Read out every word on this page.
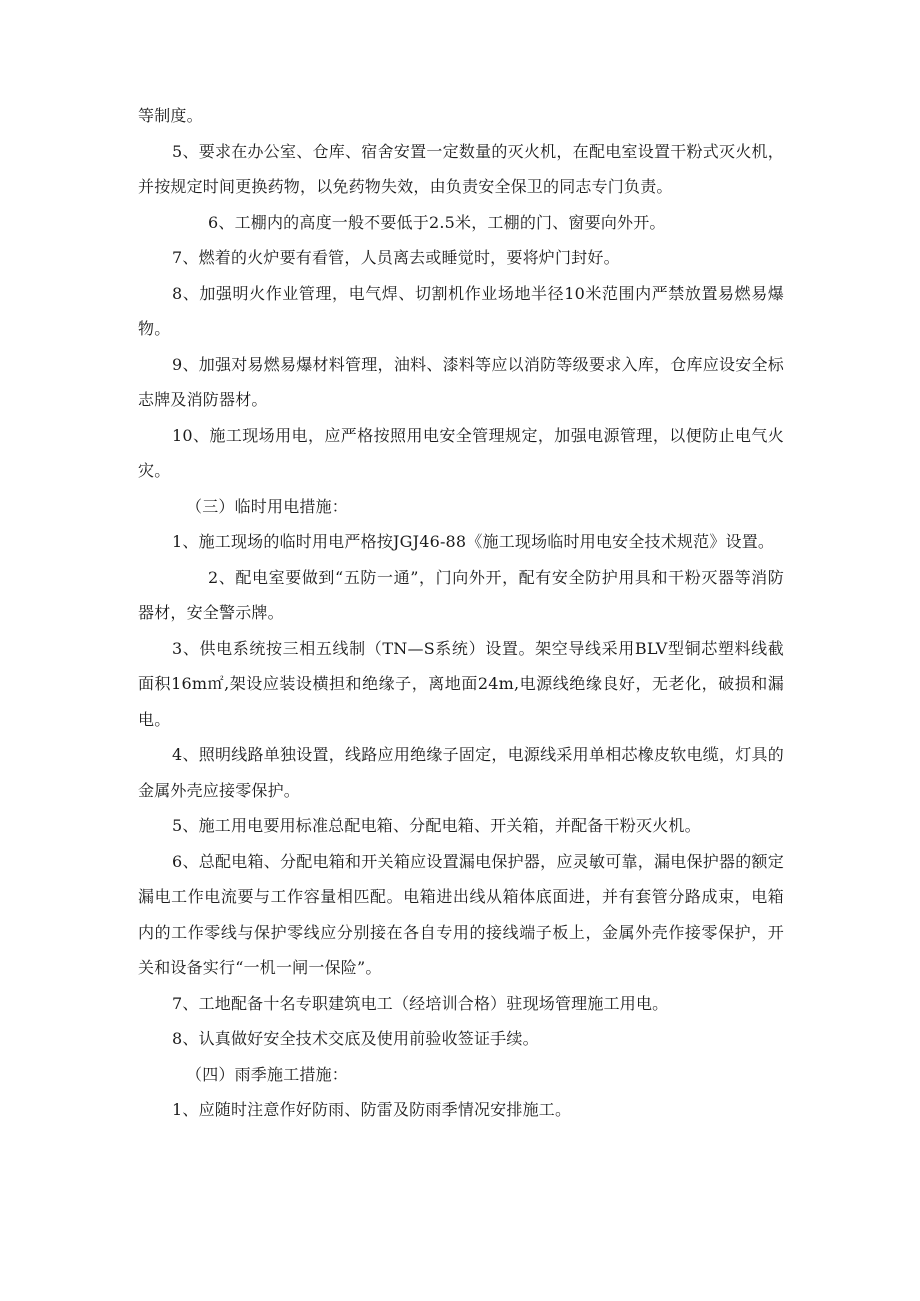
等制度。

5、要求在办公室、仓库、宿舍安置一定数量的灭火机，在配电室设置干粉式灭火机，并按规定时间更换药物，以免药物失效，由负责安全保卫的同志专门负责。

6、工棚内的高度一般不要低于2.5米，工棚的门、窗要向外开。

7、燃着的火炉要有看管，人员离去或睡觉时，要将炉门封好。

8、加强明火作业管理，电气焊、切割机作业场地半径10米范围内严禁放置易燃易爆物。

9、加强对易燃易爆材料管理，油料、漆料等应以消防等级要求入库，仓库应设安全标志牌及消防器材。

10、施工现场用电，应严格按照用电安全管理规定，加强电源管理，以便防止电气火灾。

（三）临时用电措施：

1、施工现场的临时用电严格按JGJ46-88《施工现场临时用电安全技术规范》设置。

2、配电室要做到“五防一通”，门向外开，配有安全防护用具和干粉灭器等消防器材，安全警示牌。

3、供电系统按三相五线制（TN—S系统）设置。架空导线采用BLV型铜芯塑料线截面积16m㎡,架设应装设横担和绝缘子，离地面24m,电源线绝缘良好，无老化，破损和漏电。

4、照明线路单独设置，线路应用绝缘子固定，电源线采用单相芯橡皮软电缆，灯具的金属外壳应接零保护。

5、施工用电要用标准总配电箱、分配电箱、开关箱，并配备干粉灭火机。

6、总配电箱、分配电箱和开关箱应设置漏电保护器，应灵敏可靠，漏电保护器的额定漏电工作电流要与工作容量相匹配。电箱进出线从箱体底面进，并有套管分路成束，电箱内的工作零线与保护零线应分别接在各自专用的接线端子板上，金属外壳作接零保护，开关和设备实行“一机一闸一保险”。

7、工地配备十名专职建筑电工（经培训合格）驻现场管理施工用电。

8、认真做好安全技术交底及使用前验收签证手续。

（四）雨季施工措施：

1、应随时注意作好防雨、防雷及防雨季情况安排施工。
